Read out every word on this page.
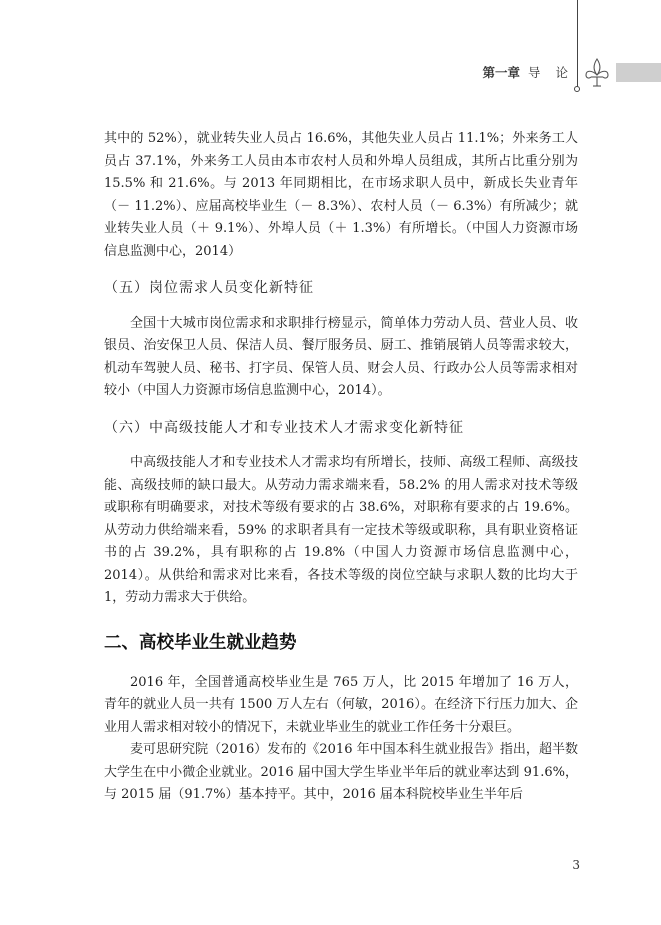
第一章 导论

其中的 52%），就业转失业人员占 16.6%，其他失业人员占 11.1%；外来务工人员占 37.1%，外来务工人员由本市农村人员和外埠人员组成，其所占比重分别为 15.5% 和 21.6%。与 2013 年同期相比，在市场求职人员中，新成长失业青年（－ 11.2%）、应届高校毕业生（－ 8.3%）、农村人员（－ 6.3%）有所减少；就业转失业人员（＋ 9.1%）、外埠人员（＋ 1.3%）有所增长。（中国人力资源市场信息监测中心，2014）

（五）岗位需求人员变化新特征

全国十大城市岗位需求和求职排行榜显示，简单体力劳动人员、营业人员、收银员、治安保卫人员、保洁人员、餐厅服务员、厨工、推销展销人员等需求较大，机动车驾驶人员、秘书、打字员、保管人员、财会人员、行政办公人员等需求相对较小（中国人力资源市场信息监测中心，2014）。

（六）中高级技能人才和专业技术人才需求变化新特征

中高级技能人才和专业技术人才需求均有所增长，技师、高级工程师、高级技能、高级技师的缺口最大。从劳动力需求端来看，58.2% 的用人需求对技术等级或职称有明确要求，对技术等级有要求的占 38.6%，对职称有要求的占 19.6%。从劳动力供给端来看，59% 的求职者具有一定技术等级或职称，具有职业资格证书的占 39.2%，具有职称的占 19.8%（中国人力资源市场信息监测中心，2014）。从供给和需求对比来看，各技术等级的岗位空缺与求职人数的比均大于 1，劳动力需求大于供给。

二、高校毕业生就业趋势

2016 年，全国普通高校毕业生是 765 万人，比 2015 年增加了 16 万人，青年的就业人员一共有 1500 万人左右（何敏，2016）。在经济下行压力加大、企业用人需求相对较小的情况下，未就业毕业生的就业工作任务十分艰巨。

麦可思研究院（2016）发布的《2016 年中国本科生就业报告》指出，超半数大学生在中小微企业就业。2016 届中国大学生毕业半年后的就业率达到 91.6%，与 2015 届（91.7%）基本持平。其中，2016 届本科院校毕业生半年后

3
